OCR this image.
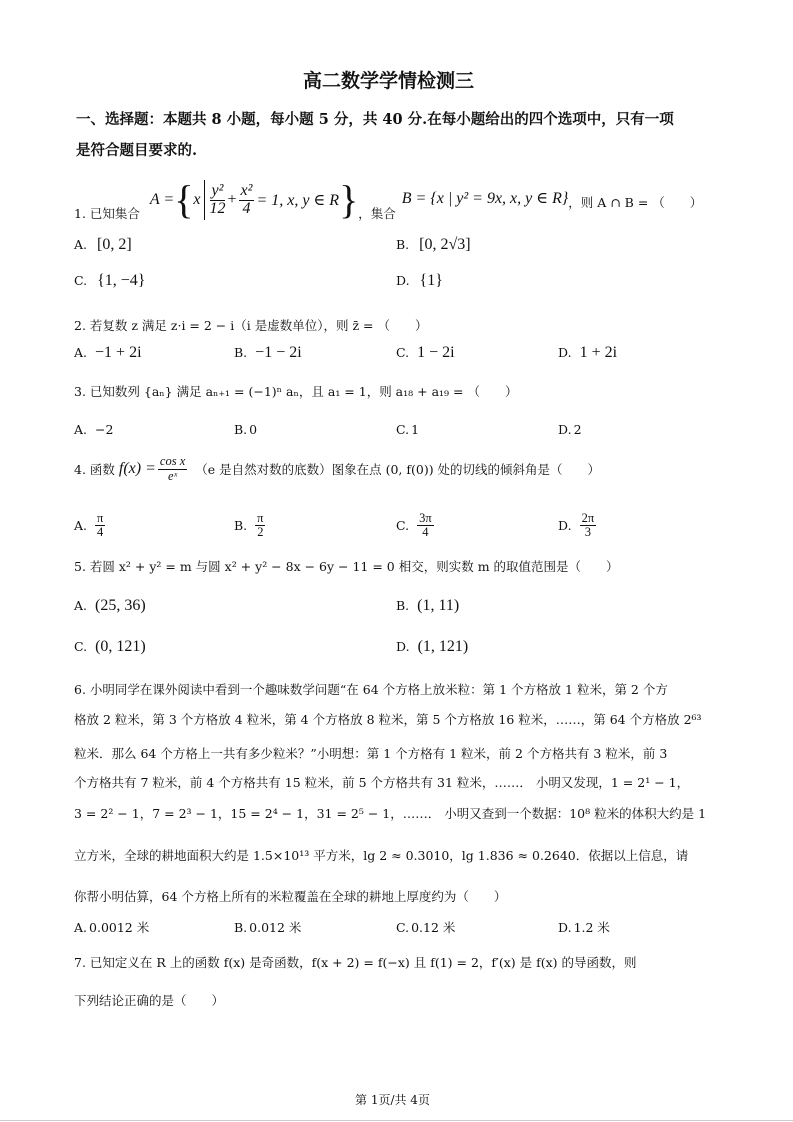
高二数学学情检测三
一、选择题：本题共 8 小题，每小题 5 分，共 40 分.在每小题给出的四个选项中，只有一项
是符合题目要求的.
1. 已知集合
A = { x $\frac{\text{y²}}{12} + \frac{\text{x²}}{4} = 1$, x, y ∈ R } ，集合
B = {x | y² = 9x, x, y ∈ R} ，则 A ∩ B = （　　）
A. [0, 2]	B. [0, 2√3]
C. {1, −4}	D. {1}
2. 若复数 z 满足 z·i = 2 − i（i 是虚数单位），则 z̄ = （　　）
A. −1 + 2i	B. −1 − 2i	C. 1 − 2i	D. 1 + 2i
3. 已知数列 {aₙ} 满足 aₙ₊₁ = (−1)ⁿ aₙ，且 a₁ = 1，则 a₁₈ + a₁₉ = （　　）
A. −2	B. 0	C. 1	D. 2
4. 函数 $f(x) = \frac{\text{cos x}}{\text{eˣ}} (e$ 是自然对数的底数）图象在点 (0, f(0)) 处的切线的倾斜角是（　　）
A. $\frac{\pi}{4}$	B. $\frac{\pi}{2}$	C. $\frac{3\pi}{4}$	D. $\frac{2\pi}{3}$
5. 若圆 x² + y² = m 与圆 x² + y² − 8x − 6y − 11 = 0 相交，则实数 m 的取值范围是（　　）
A. (25, 36)	B. (1, 11)
C. (0, 121)	D. (1, 121)
6. 小明同学在课外阅读中看到一个趣味数学问题“在 64 个方格上放米粒：第 1 个方格放 1 粒米，第 2 个方
格放 2 粒米，第 3 个方格放 4 粒米，第 4 个方格放 8 粒米，第 5 个方格放 16 粒米，……，第 64 个方格放 2⁶³
粒米．那么 64 个方格上一共有多少粒米？”小明想：第 1 个方格有 1 粒米，前 2 个方格共有 3 粒米，前 3
个方格共有 7 粒米，前 4 个方格共有 15 粒米，前 5 个方格共有 31 粒米，……． 小明又发现，1 = 2¹ − 1，
3 = 2² − 1，7 = 2³ − 1，15 = 2⁴ − 1，31 = 2⁵ − 1，……． 小明又查到一个数据：10⁸ 粒米的体积大约是 1
立方米，全球的耕地面积大约是 1.5×10¹³ 平方米，lg 2 ≈ 0.3010，lg 1.836 ≈ 0.2640．依据以上信息，请
你帮小明估算，64 个方格上所有的米粒覆盖在全球的耕地上厚度约为（　　）
A. 0.0012 米	B. 0.012 米	C. 0.12 米	D. 1.2 米
7. 已知定义在 R 上的函数 f(x) 是奇函数，f(x + 2) = f(−x) 且 f(1) = 2，f′(x) 是 f(x) 的导函数，则
下列结论正确的是（　　）
第 1页/共 4页
